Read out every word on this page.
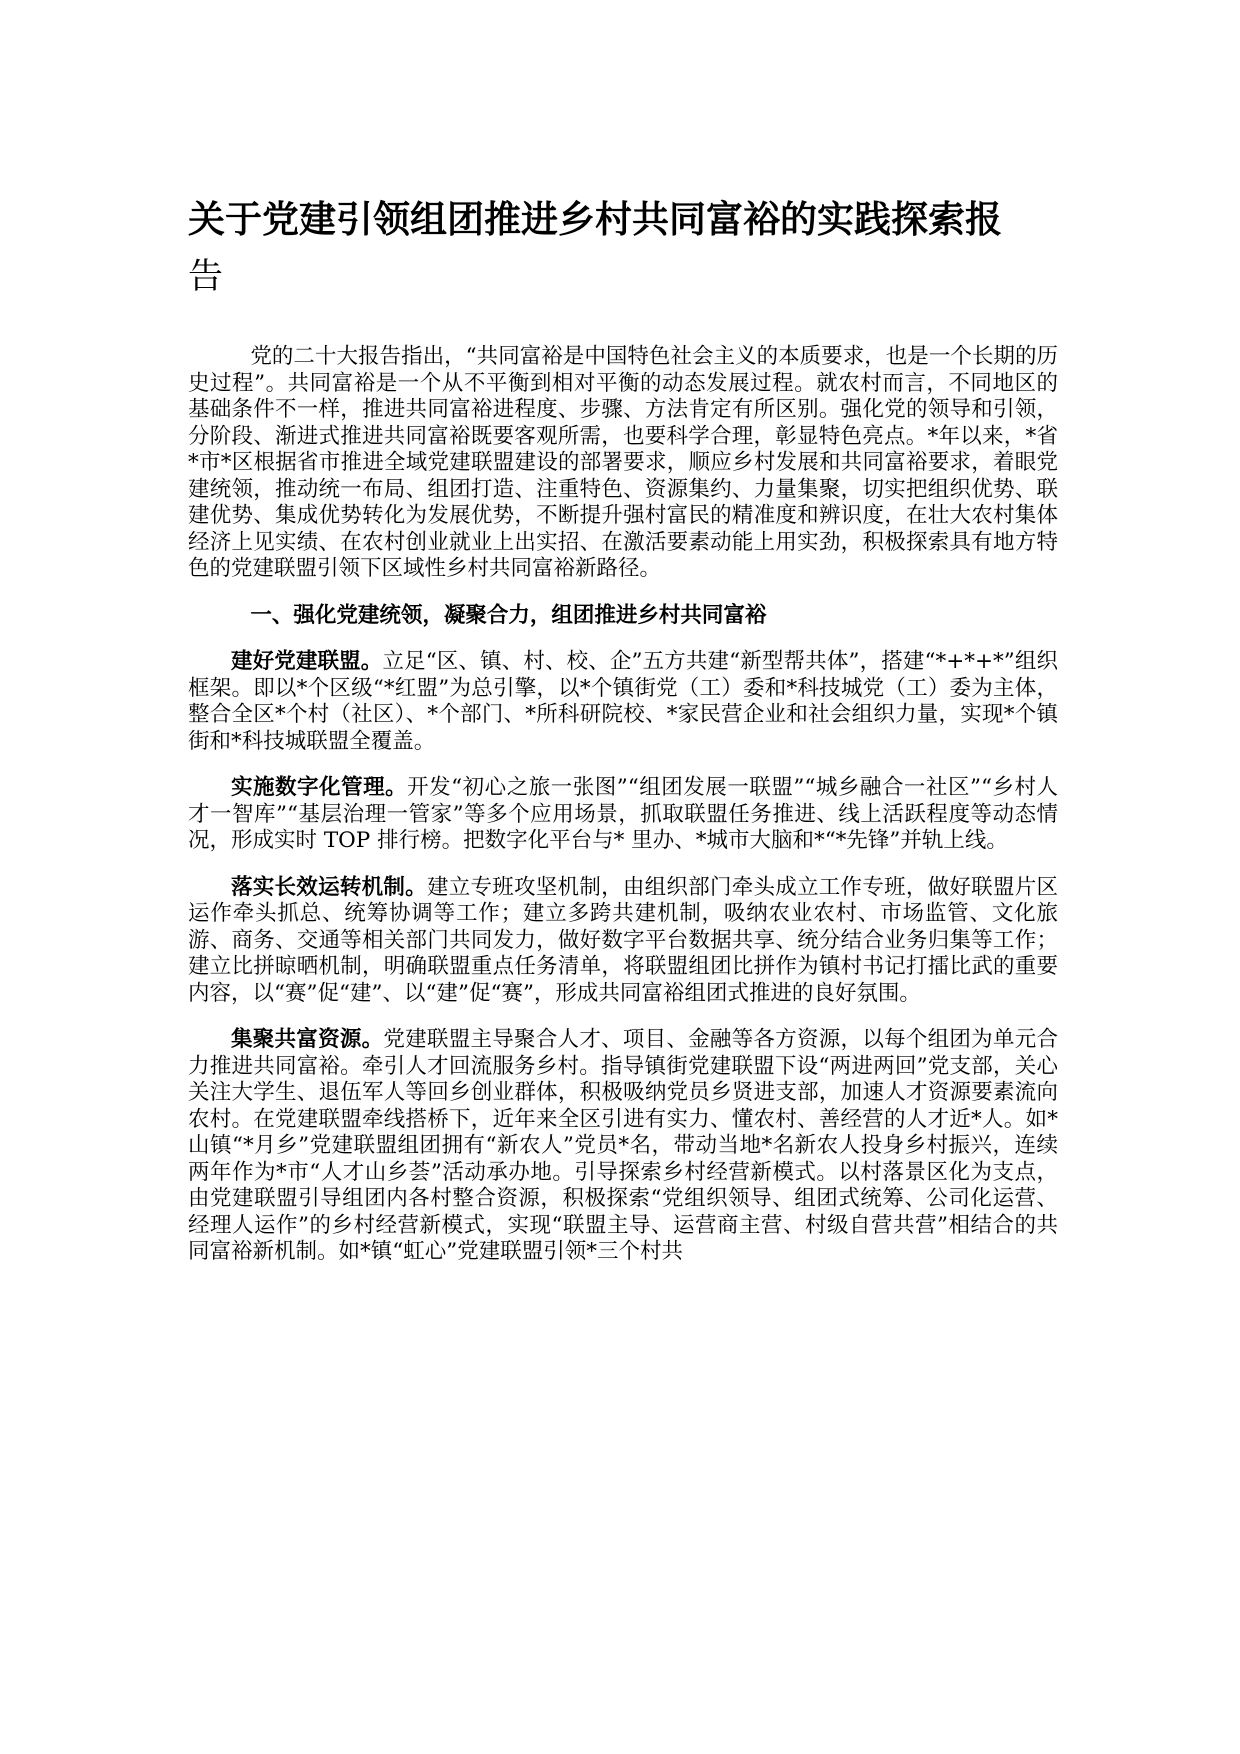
关于党建引领组团推进乡村共同富裕的实践探索报
告

党的二十大报告指出，“共同富裕是中国特色社会主义的本质要求，也是一个长期的历史过程”。共同富裕是一个从不平衡到相对平衡的动态发展过程。就农村而言，不同地区的基础条件不一样，推进共同富裕进程度、步骤、方法肯定有所区别。强化党的领导和引领，分阶段、渐进式推进共同富裕既要客观所需，也要科学合理，彰显特色亮点。*年以来，*省*市*区根据省市推进全域党建联盟建设的部署要求，顺应乡村发展和共同富裕要求，着眼党建统领，推动统一布局、组团打造、注重特色、资源集约、力量集聚，切实把组织优势、联建优势、集成优势转化为发展优势，不断提升强村富民的精准度和辨识度，在壮大农村集体经济上见实绩、在农村创业就业上出实招、在激活要素动能上用实劲，积极探索具有地方特色的党建联盟引领下区域性乡村共同富裕新路径。

一、强化党建统领，凝聚合力，组团推进乡村共同富裕

建好党建联盟。立足“区、镇、村、校、企”五方共建“新型帮共体”，搭建“*+*+*”组织框架。即以*个区级“*红盟”为总引擎，以*个镇街党（工）委和*科技城党（工）委为主体，整合全区*个村（社区）、*个部门、*所科研院校、*家民营企业和社会组织力量，实现*个镇街和*科技城联盟全覆盖。

实施数字化管理。开发“初心之旅一张图”“组团发展一联盟”“城乡融合一社区”“乡村人才一智库”“基层治理一管家”等多个应用场景，抓取联盟任务推进、线上活跃程度等动态情况，形成实时 TOP 排行榜。把数字化平台与* 里办、*城市大脑和*“*先锋”并轨上线。

落实长效运转机制。建立专班攻坚机制，由组织部门牵头成立工作专班，做好联盟片区运作牵头抓总、统筹协调等工作；建立多跨共建机制，吸纳农业农村、市场监管、文化旅游、商务、交通等相关部门共同发力，做好数字平台数据共享、统分结合业务归集等工作；建立比拼晾晒机制，明确联盟重点任务清单，将联盟组团比拼作为镇村书记打擂比武的重要内容，以“赛”促“建”、以“建”促“赛”，形成共同富裕组团式推进的良好氛围。

集聚共富资源。党建联盟主导聚合人才、项目、金融等各方资源，以每个组团为单元合力推进共同富裕。牵引人才回流服务乡村。指导镇街党建联盟下设“两进两回”党支部，关心关注大学生、退伍军人等回乡创业群体，积极吸纳党员乡贤进支部，加速人才资源要素流向农村。在党建联盟牵线搭桥下，近年来全区引进有实力、懂农村、善经营的人才近*人。如*山镇“*月乡”党建联盟组团拥有“新农人”党员*名，带动当地*名新农人投身乡村振兴，连续两年作为*市“人才山乡荟”活动承办地。引导探索乡村经营新模式。以村落景区化为支点，由党建联盟引导组团内各村整合资源，积极探索“党组织领导、组团式统筹、公司化运营、经理人运作”的乡村经营新模式，实现“联盟主导、运营商主营、村级自营共营”相结合的共同富裕新机制。如*镇“虹心”党建联盟引领*三个村共
